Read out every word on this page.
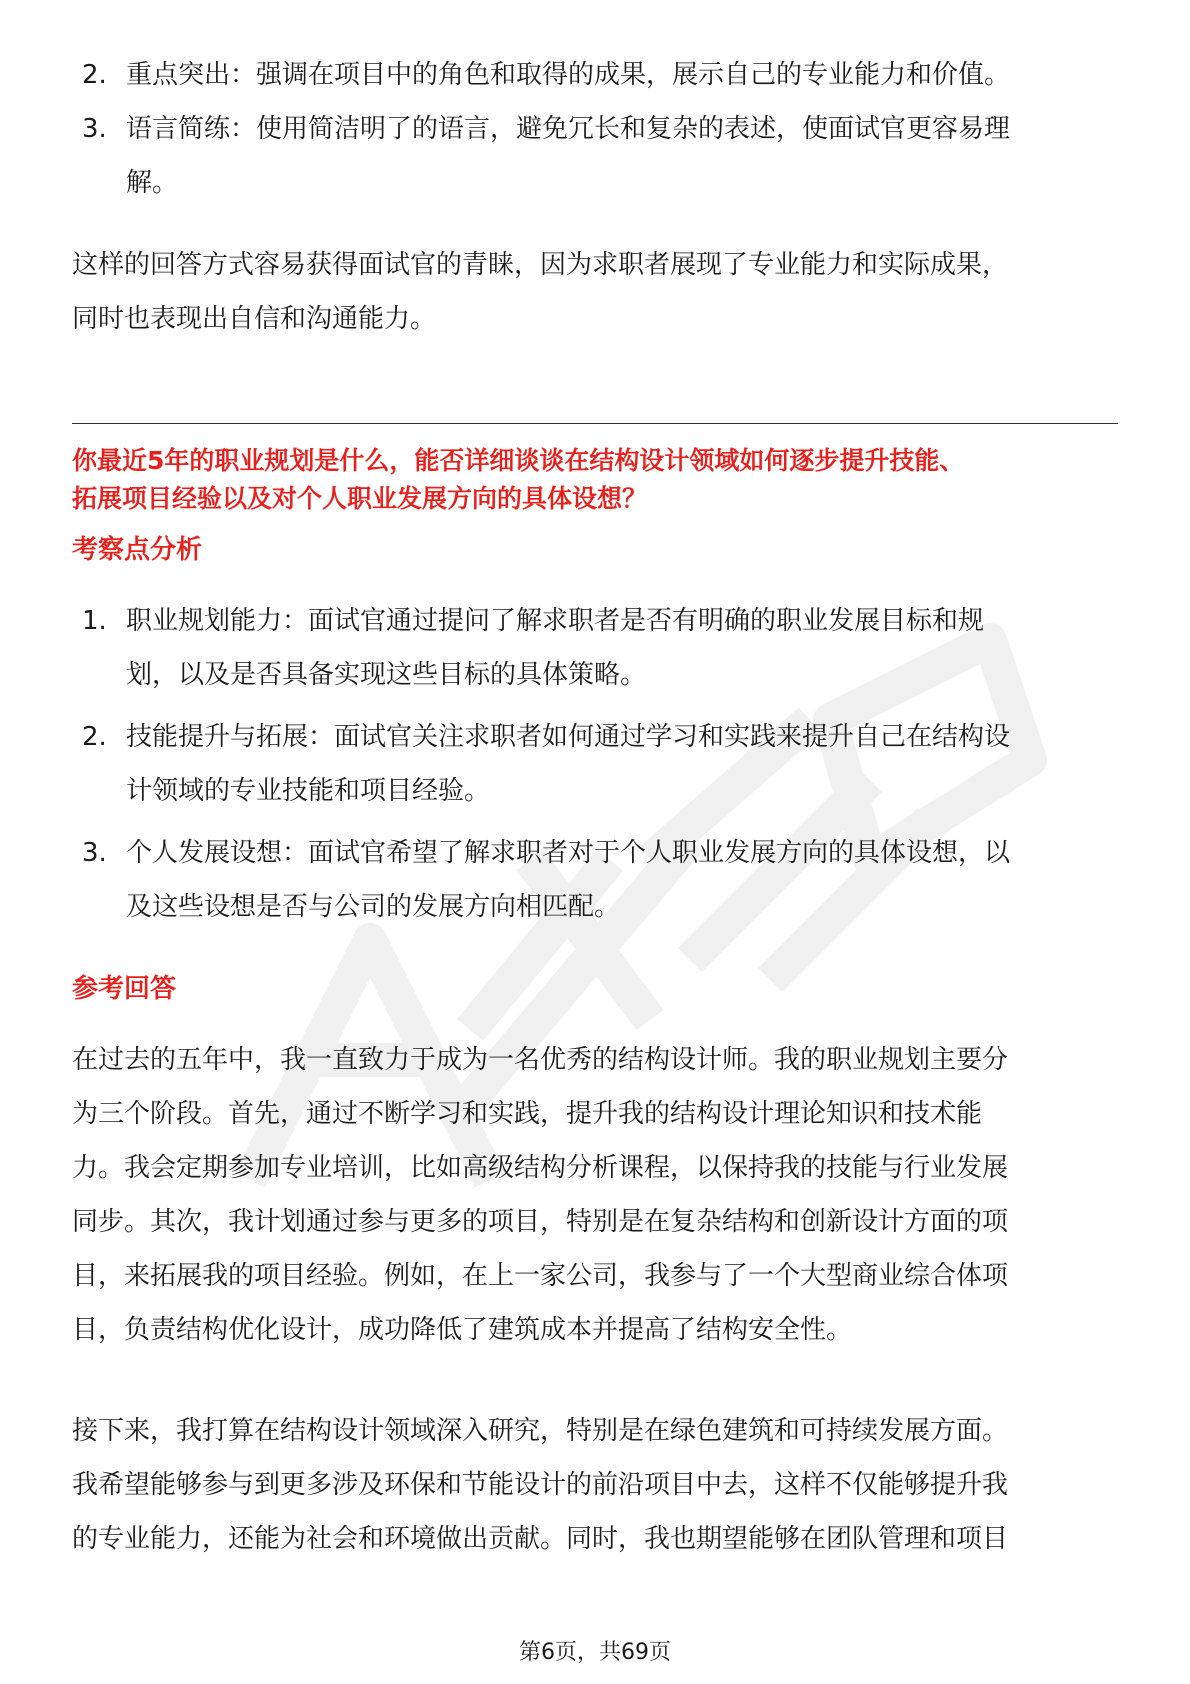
2. 重点突出：强调在项目中的角色和取得的成果，展示自己的专业能力和价值。
3. 语言简练：使用简洁明了的语言，避免冗长和复杂的表述，使面试官更容易理
解。
这样的回答方式容易获得面试官的青睐，因为求职者展现了专业能力和实际成果，
同时也表现出自信和沟通能力。
你最近5年的职业规划是什么，能否详细谈谈在结构设计领域如何逐步提升技能、
拓展项目经验以及对个人职业发展方向的具体设想？
考察点分析
1. 职业规划能力：面试官通过提问了解求职者是否有明确的职业发展目标和规
划，以及是否具备实现这些目标的具体策略。
2. 技能提升与拓展：面试官关注求职者如何通过学习和实践来提升自己在结构设
计领域的专业技能和项目经验。
3. 个人发展设想：面试官希望了解求职者对于个人职业发展方向的具体设想，以
及这些设想是否与公司的发展方向相匹配。
参考回答
在过去的五年中，我一直致力于成为一名优秀的结构设计师。我的职业规划主要分
为三个阶段。首先，通过不断学习和实践，提升我的结构设计理论知识和技术能
力。我会定期参加专业培训，比如高级结构分析课程，以保持我的技能与行业发展
同步。其次，我计划通过参与更多的项目，特别是在复杂结构和创新设计方面的项
目，来拓展我的项目经验。例如，在上一家公司，我参与了一个大型商业综合体项
目，负责结构优化设计，成功降低了建筑成本并提高了结构安全性。
接下来，我打算在结构设计领域深入研究，特别是在绿色建筑和可持续发展方面。
我希望能够参与到更多涉及环保和节能设计的前沿项目中去，这样不仅能够提升我
的专业能力，还能为社会和环境做出贡献。同时，我也期望能够在团队管理和项目
第6页，共69页
